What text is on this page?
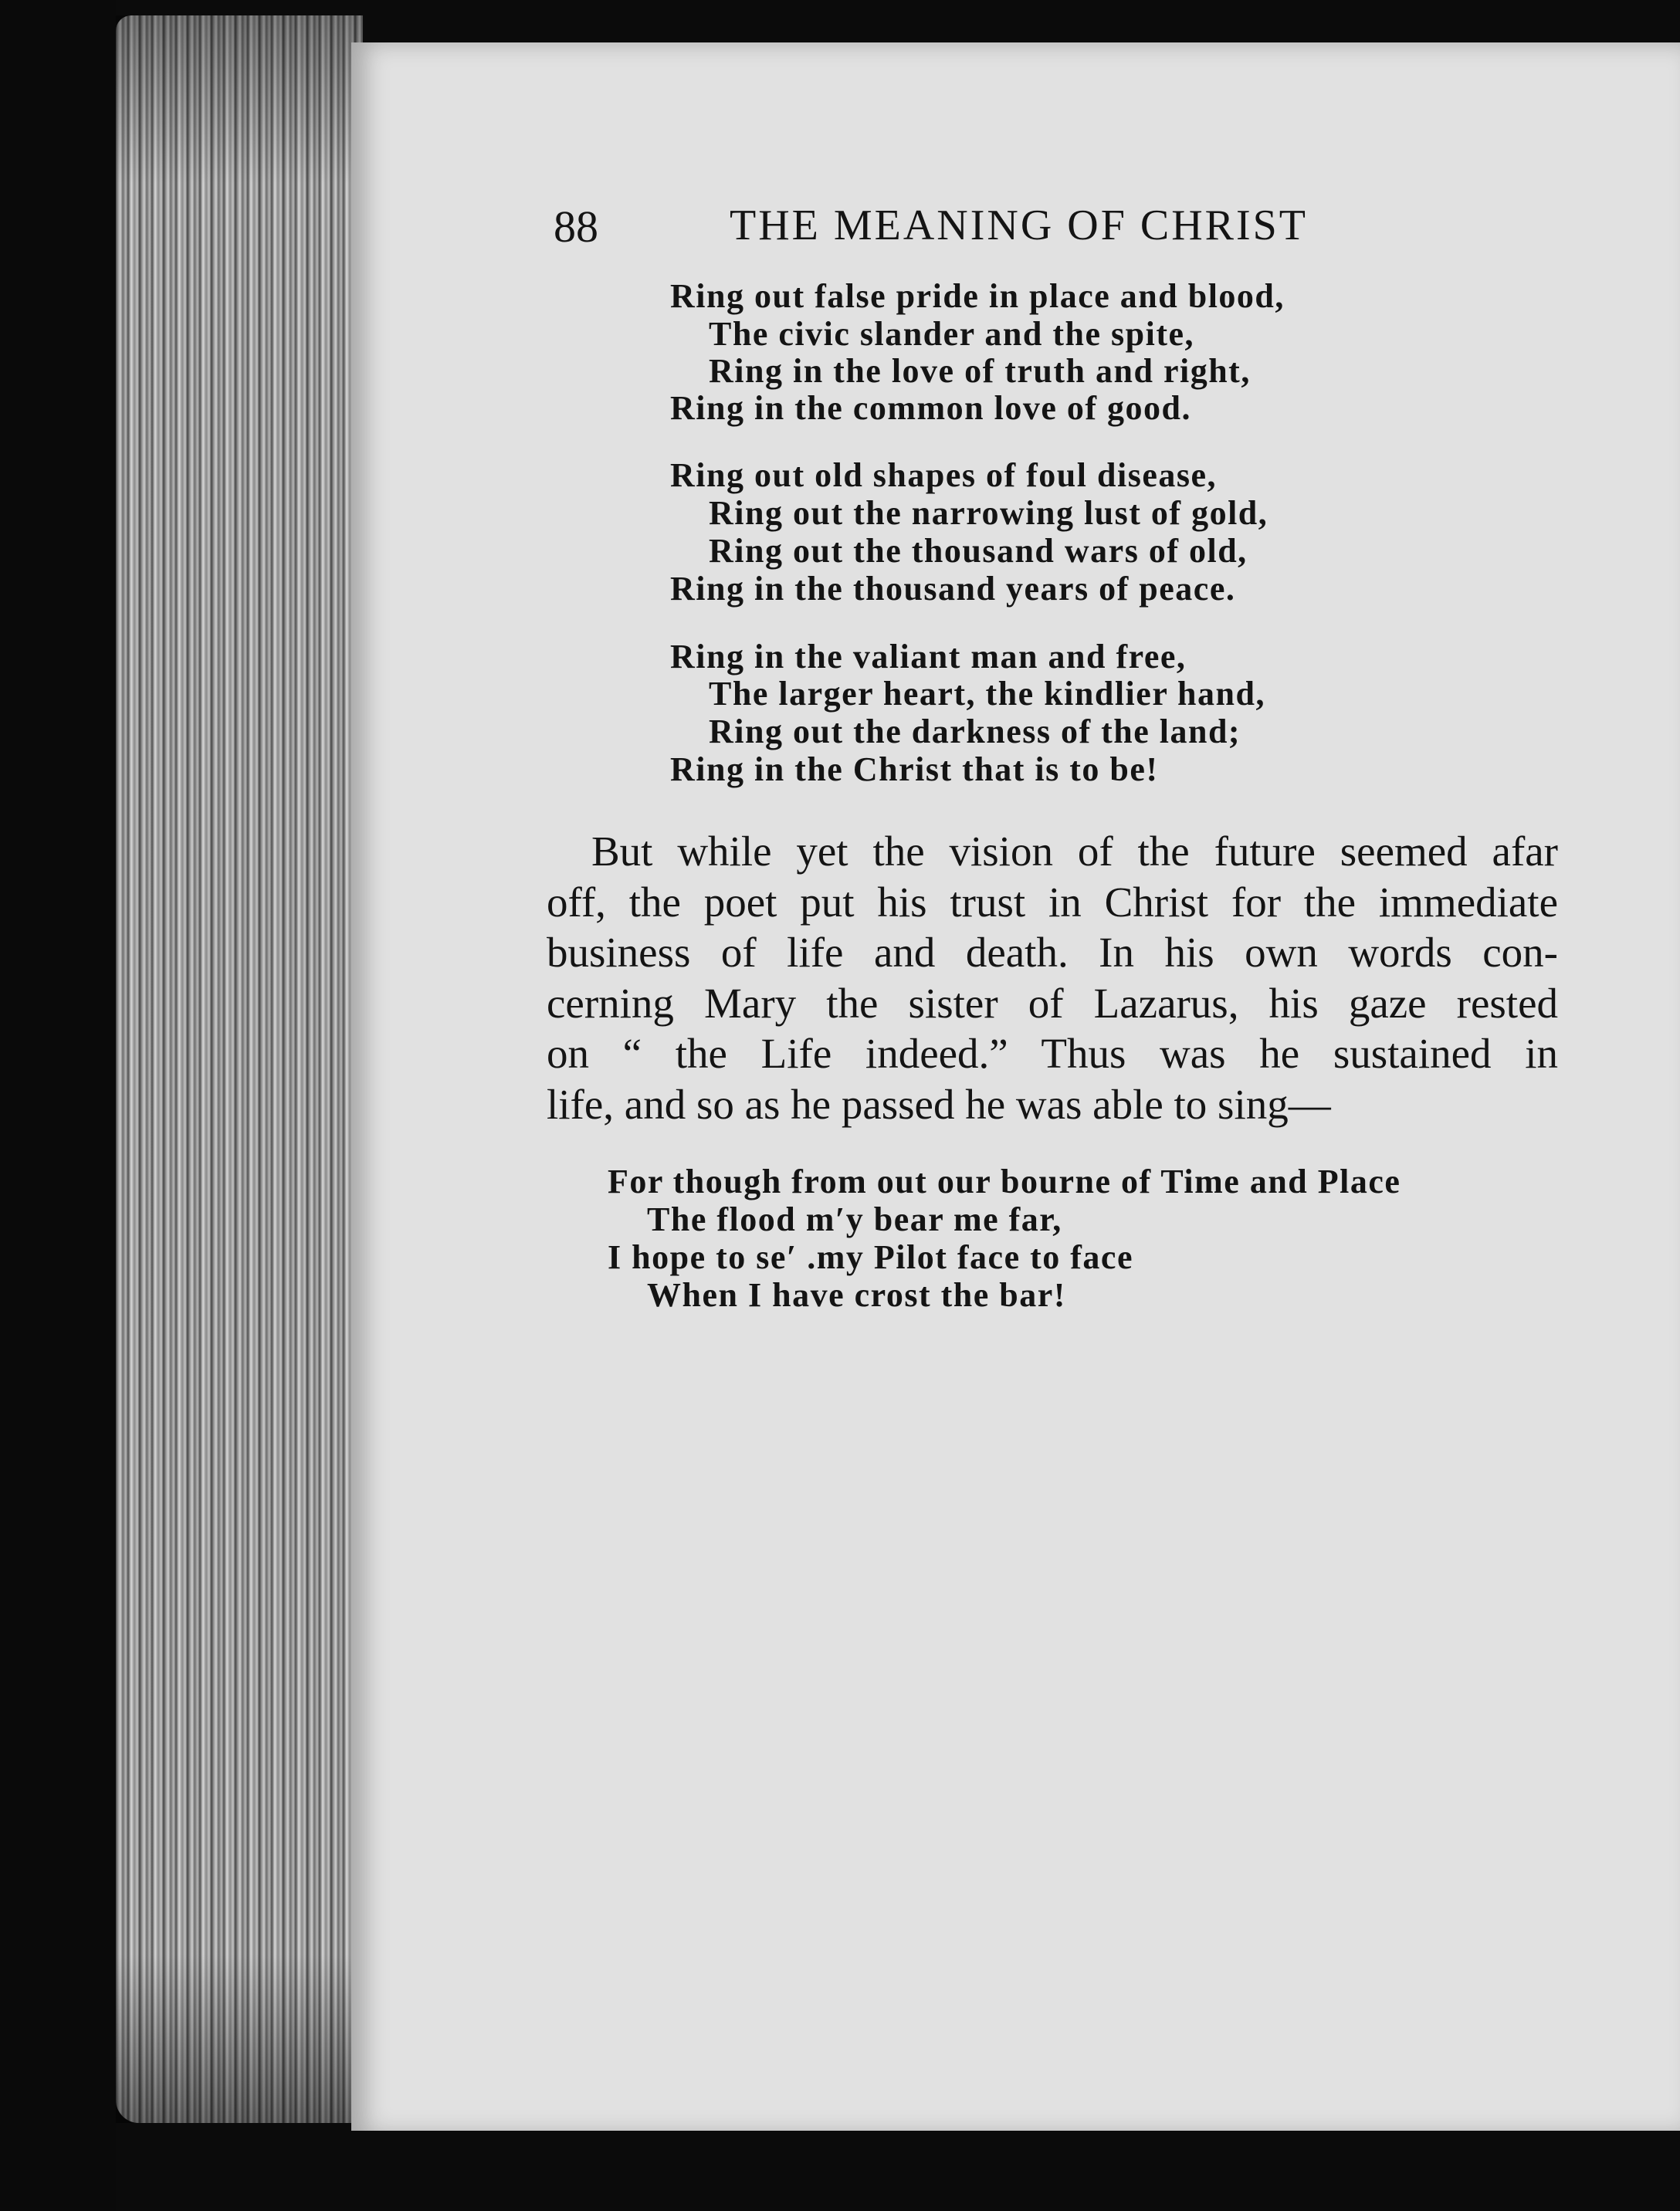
88	THE MEANING OF CHRIST
Ring out false pride in place and blood,
The civic slander and the spite,
Ring in the love of truth and right,
Ring in the common love of good.
Ring out old shapes of foul disease,
Ring out the narrowing lust of gold,
Ring out the thousand wars of old,
Ring in the thousand years of peace.
Ring in the valiant man and free,
The larger heart, the kindlier hand,
Ring out the darkness of the land;
Ring in the Christ that is to be!
But while yet the vision of the future seemed afar
off, the poet put his trust in Christ for the immediate
business of life and death. In his own words con-
cerning Mary the sister of Lazarus, his gaze rested
on “ the Life indeed.” Thus was he sustained in
life, and so as he passed he was able to sing—
For though from out our bourne of Time and Place
The flood mʹy bear me far,
I hope to seʹ .my Pilot face to face
When I have crost the bar!
